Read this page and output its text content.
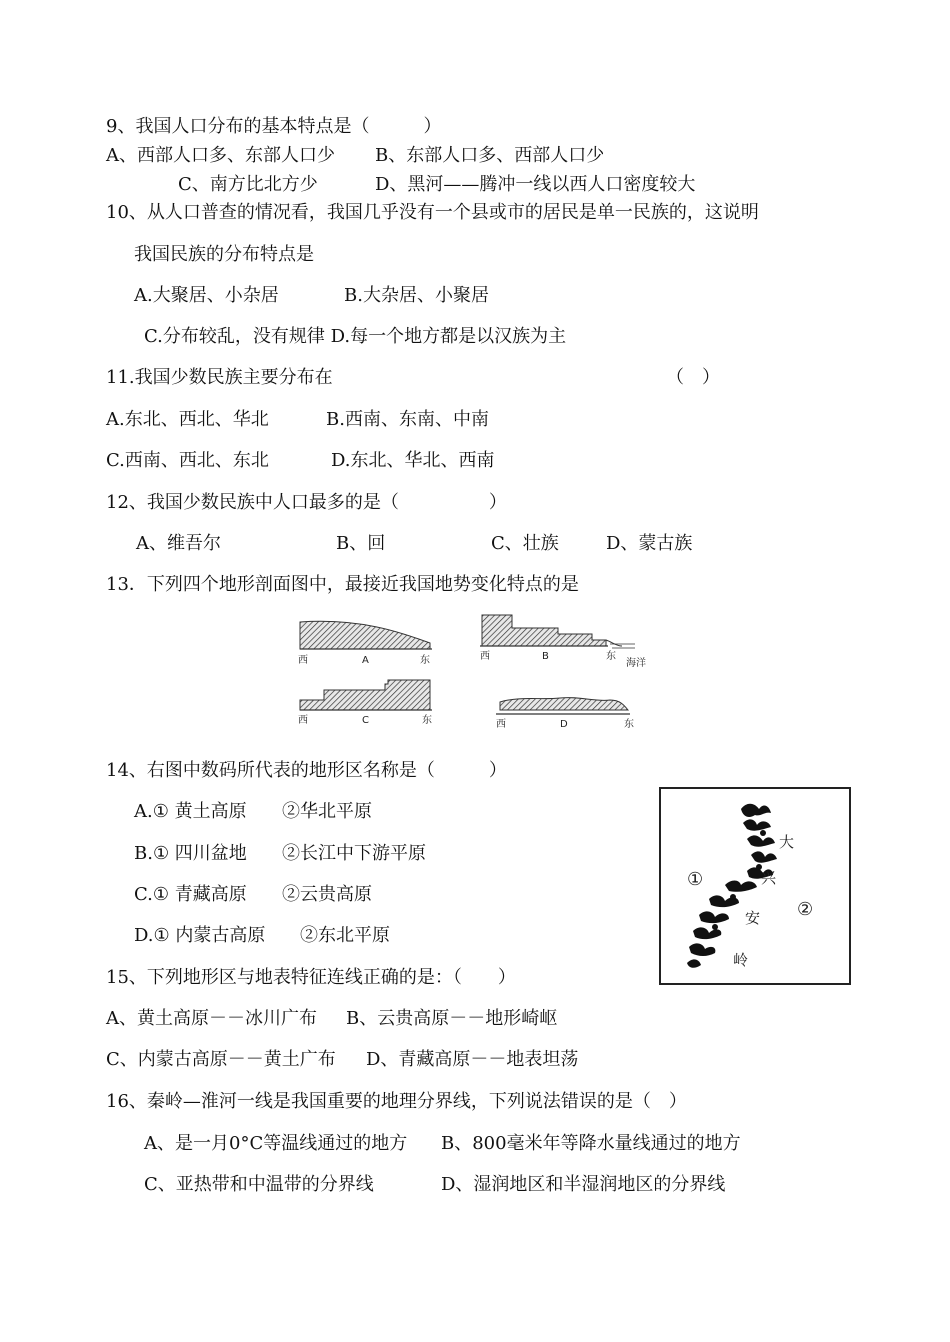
9、我国人口分布的基本特点是（　　　）
A、西部人口多、东部人口少 B、东部人口多、西部人口少
C、南方比北方少	D、黑河——腾冲一线以西人口密度较大
10、从人口普查的情况看，我国几乎没有一个县或市的居民是单一民族的，这说明
我国民族的分布特点是
A.大聚居、小杂居	B.大杂居、小聚居
C.分布较乱，没有规律 D.每一个地方都是以汉族为主
11.我国少数民族主要分布在	（　）
A.东北、西北、华北	B.西南、东南、中南
C.西南、西北、东北	D.东北、华北、西南
12、我国少数民族中人口最多的是（　　　　　）
A、维吾尔	B、回	C、壮族	D、蒙古族
13．下列四个地形剖面图中，最接近我国地势变化特点的是
西	A	东	西	B	东
海洋
西	C	东	西	D	东
14、右图中数码所代表的地形区名称是（　　　）
A.① 黄土高原 ②华北平原
B.① 四川盆地 ②长江中下游平原
C.① 青藏高原 ②云贵高原
D.① 内蒙古高原 ②东北平原
①
②
大
兴
安
岭
15、下列地形区与地表特征连线正确的是：（　　）
A、黄土高原－－冰川广布 B、云贵高原－－地形崎岖
C、内蒙古高原－－黄土广布 D、青藏高原－－地表坦荡
16、秦岭—淮河一线是我国重要的地理分界线，下列说法错误的是（　）
A、是一月0°C等温线通过的地方 B、800毫米年等降水量线通过的地方
C、亚热带和中温带的分界线	D、湿润地区和半湿润地区的分界线
